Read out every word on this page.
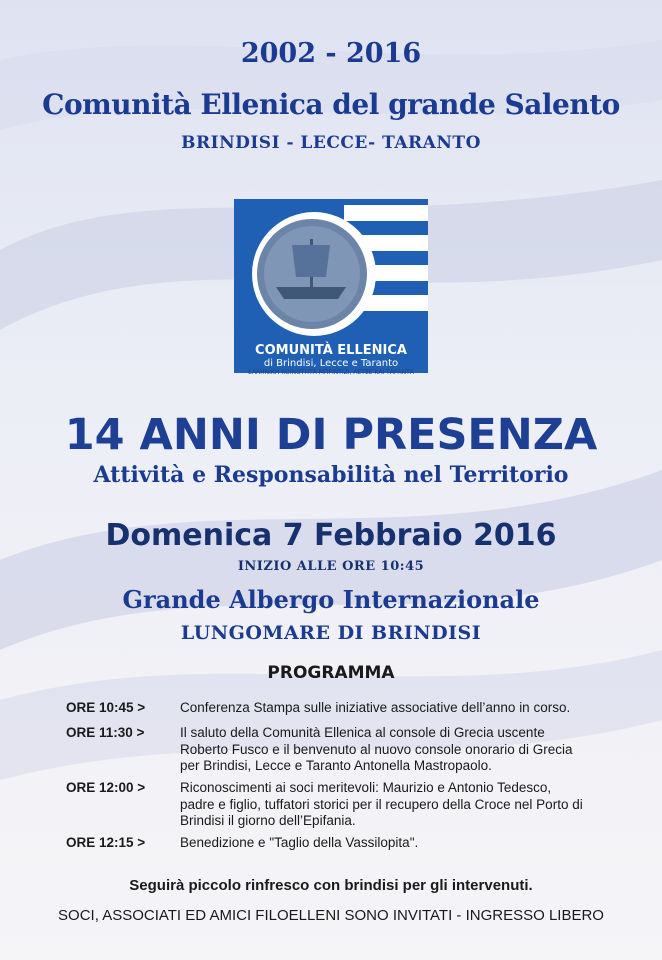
2002 - 2016
Comunità Ellenica del grande Salento
BRINDISI - LECCE- TARANTO
COMUNITÀ ELLENICA
di Brindisi, Lecce e Taranto
ΕΛΛΗΝΙΚΗ ΚΟΙΝΟΤΗΤΑ ΜΠΡΙΝΤΙΖΙ, ΛΕΤΣΕ ΚΑΙ ΤΑΡΑΝΤΑ
14 ANNI DI PRESENZA
Attività e Responsabilità nel Territorio
Domenica 7 Febbraio 2016
INIZIO ALLE ORE 10:45
Grande Albergo Internazionale
LUNGOMARE DI BRINDISI
PROGRAMMA
ORE 10:45 >	Conferenza Stampa sulle iniziative associative dell’anno in corso.
ORE 11:30 >	Il saluto della Comunità Ellenica al console di Grecia uscente
Roberto Fusco e il benvenuto al nuovo console onorario di Grecia
per Brindisi, Lecce e Taranto Antonella Mastropaolo.
ORE 12:00 >	Riconoscimenti ai soci meritevoli: Maurizio e Antonio Tedesco,
padre e figlio, tuffatori storici per il recupero della Croce nel Porto di
Brindisi il giorno dell’Epifania.
ORE 12:15 >	Benedizione e "Taglio della Vassilopita".
Seguirà piccolo rinfresco con brindisi per gli intervenuti.
SOCI, ASSOCIATI ED AMICI FILOELLENI SONO INVITATI - INGRESSO LIBERO
